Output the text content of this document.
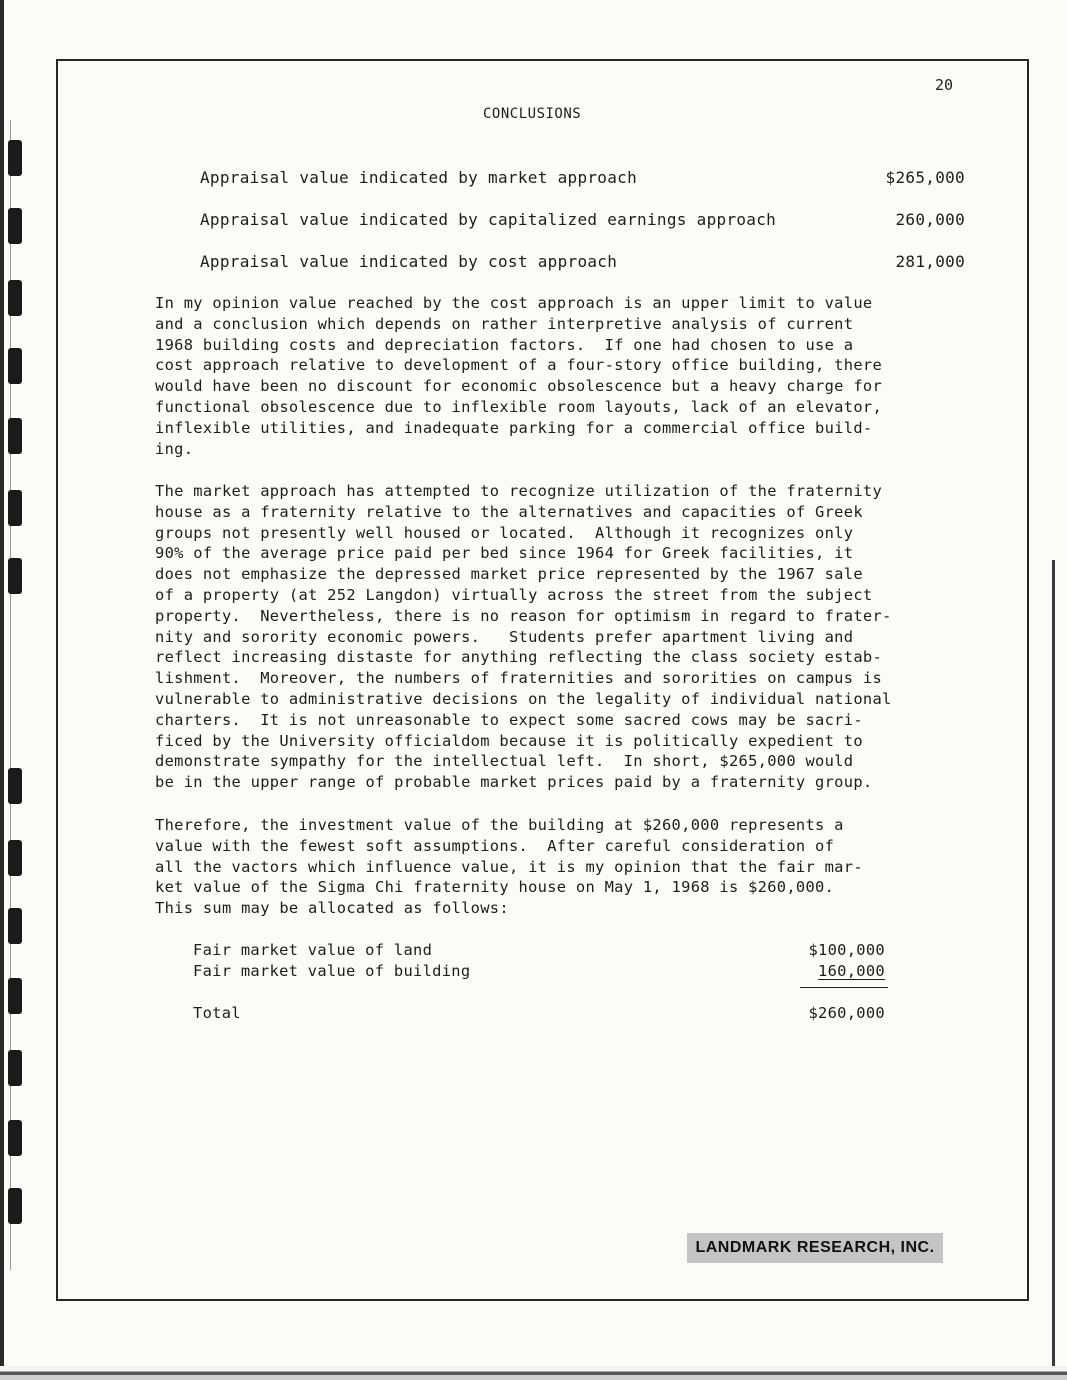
20
CONCLUSIONS
Appraisal value indicated by market approach	$265,000
Appraisal value indicated by capitalized earnings approach	260,000
Appraisal value indicated by cost approach	281,000
In my opinion value reached by the cost approach is an upper limit to value
and a conclusion which depends on rather interpretive analysis of current
1968 building costs and depreciation factors.  If one had chosen to use a
cost approach relative to development of a four-story office building, there
would have been no discount for economic obsolescence but a heavy charge for
functional obsolescence due to inflexible room layouts, lack of an elevator,
inflexible utilities, and inadequate parking for a commercial office build-
ing.
The market approach has attempted to recognize utilization of the fraternity
house as a fraternity relative to the alternatives and capacities of Greek
groups not presently well housed or located.  Although it recognizes only
90% of the average price paid per bed since 1964 for Greek facilities, it
does not emphasize the depressed market price represented by the 1967 sale
of a property (at 252 Langdon) virtually across the street from the subject
property.  Nevertheless, there is no reason for optimism in regard to frater-
nity and sorority economic powers.   Students prefer apartment living and
reflect increasing distaste for anything reflecting the class society estab-
lishment.  Moreover, the numbers of fraternities and sororities on campus is
vulnerable to administrative decisions on the legality of individual national
charters.  It is not unreasonable to expect some sacred cows may be sacri-
ficed by the University officialdom because it is politically expedient to
demonstrate sympathy for the intellectual left.  In short, $265,000 would
be in the upper range of probable market prices paid by a fraternity group.
Therefore, the investment value of the building at $260,000 represents a
value with the fewest soft assumptions.  After careful consideration of
all the vactors which influence value, it is my opinion that the fair mar-
ket value of the Sigma Chi fraternity house on May 1, 1968 is $260,000.
This sum may be allocated as follows:
Fair market value of land	$100,000
Fair market value of building	160,000
Total	$260,000
LANDMARK RESEARCH, INC.
